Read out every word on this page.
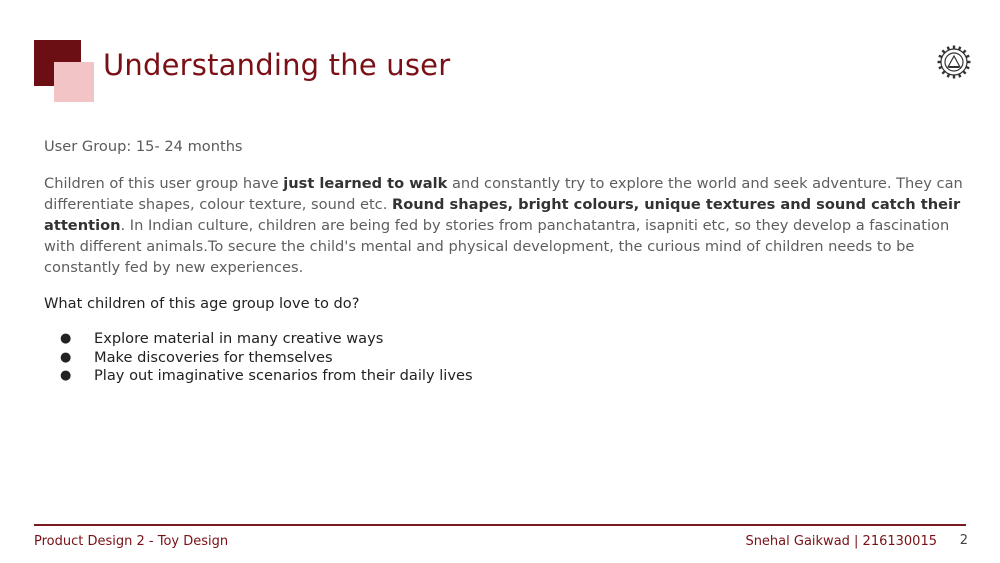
Understanding the user

User Group: 15- 24 months

Children of this user group have just learned to walk and constantly try to explore the world and seek adventure. They can differentiate shapes, colour texture, sound etc. Round shapes, bright colours, unique textures and sound catch their attention. In Indian culture, children are being fed by stories from panchatantra, isapniti etc, so they develop a fascination with different animals.To secure the child's mental and physical development, the curious mind of children needs to be constantly fed by new experiences.

What children of this age group love to do?

● Explore material in many creative ways
● Make discoveries for themselves
● Play out imaginative scenarios from their daily lives
Product Design 2 - Toy Design	Snehal Gaikwad | 216130015 2
